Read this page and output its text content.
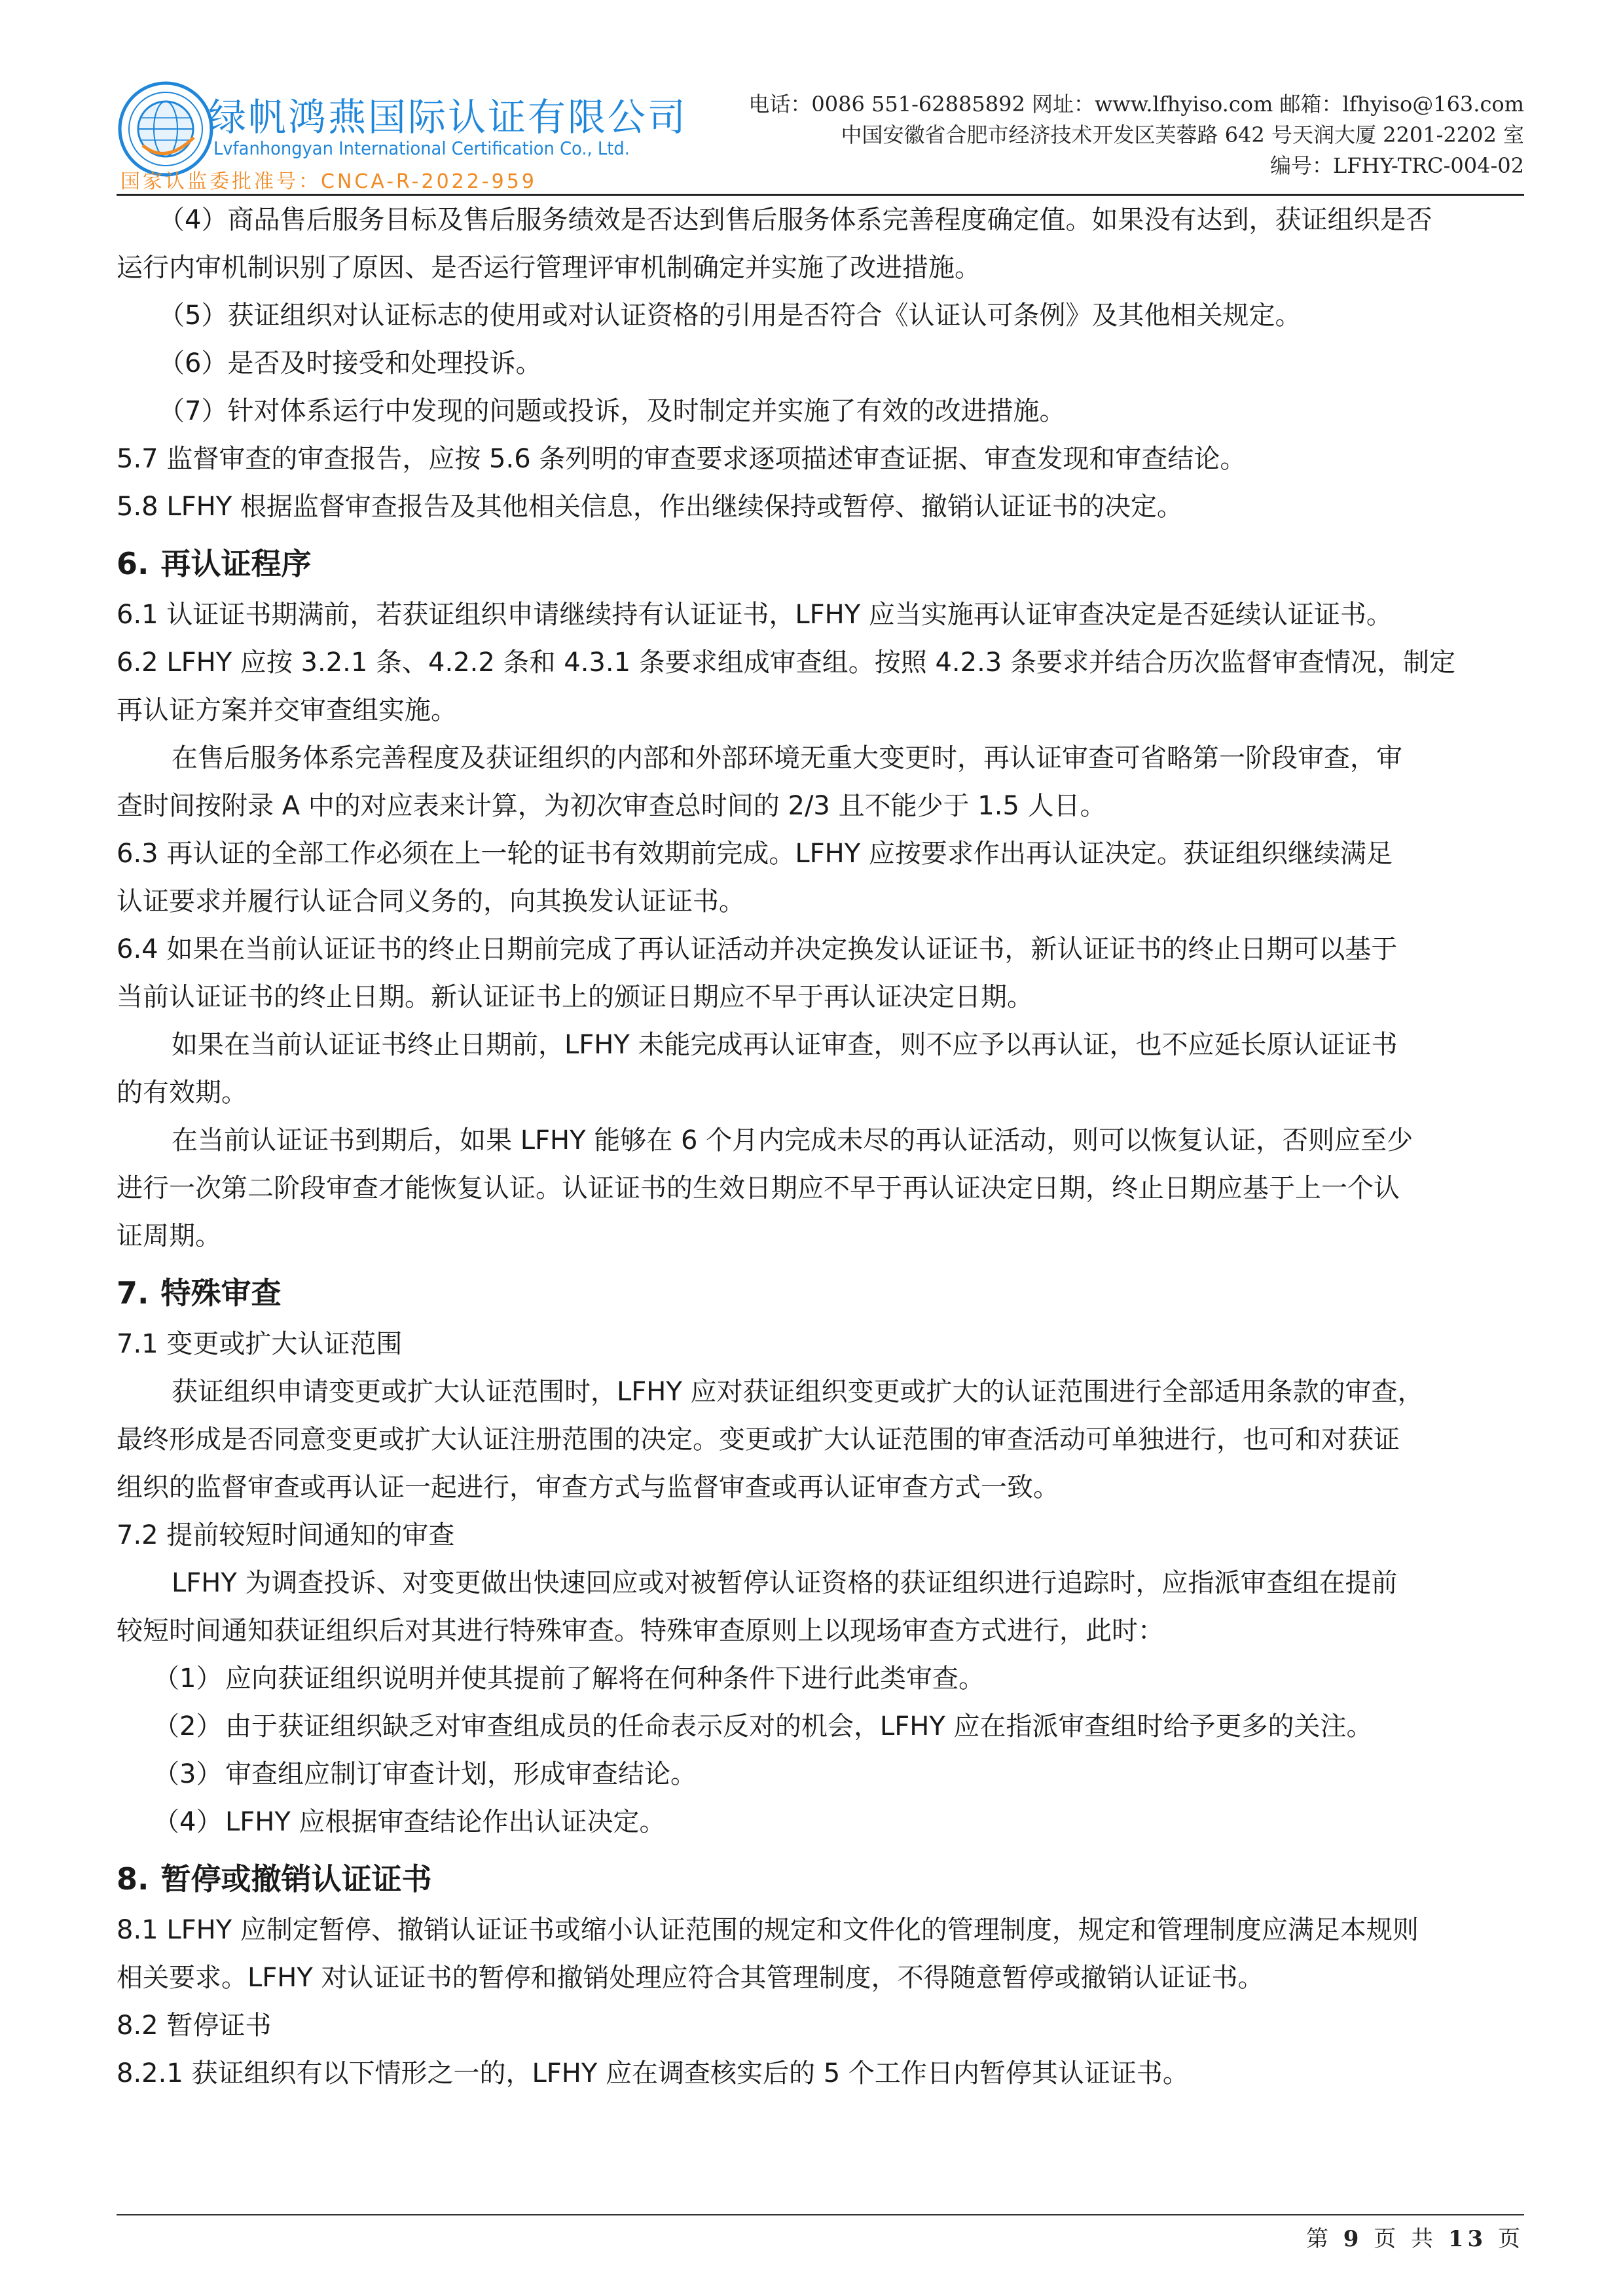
绿帆鸿燕国际认证有限公司
Lvfanhongyan International Certification Co., Ltd.
国家认监委批准号：CNCA-R-2022-959
电话：0086 551-62885892 网址：www.lfhyiso.com 邮箱：lfhyiso@163.com
中国安徽省合肥市经济技术开发区芙蓉路 642 号天润大厦 2201-2202 室
编号：LFHY-TRC-004-02

（4）商品售后服务目标及售后服务绩效是否达到售后服务体系完善程度确定值。如果没有达到，获证组织是否

运行内审机制识别了原因、是否运行管理评审机制确定并实施了改进措施。

（5）获证组织对认证标志的使用或对认证资格的引用是否符合《认证认可条例》及其他相关规定。

（6）是否及时接受和处理投诉。

（7）针对体系运行中发现的问题或投诉，及时制定并实施了有效的改进措施。

5.7 监督审查的审查报告，应按 5.6 条列明的审查要求逐项描述审查证据、审查发现和审查结论。

5.8 LFHY 根据监督审查报告及其他相关信息，作出继续保持或暂停、撤销认证证书的决定。

6. 再认证程序

6.1 认证证书期满前，若获证组织申请继续持有认证证书，LFHY 应当实施再认证审查决定是否延续认证证书。

6.2 LFHY 应按 3.2.1 条、4.2.2 条和 4.3.1 条要求组成审查组。按照 4.2.3 条要求并结合历次监督审查情况，制定

再认证方案并交审查组实施。

在售后服务体系完善程度及获证组织的内部和外部环境无重大变更时，再认证审查可省略第一阶段审查，审

查时间按附录 A 中的对应表来计算，为初次审查总时间的 2/3 且不能少于 1.5 人日。

6.3 再认证的全部工作必须在上一轮的证书有效期前完成。LFHY 应按要求作出再认证决定。获证组织继续满足

认证要求并履行认证合同义务的，向其换发认证证书。

6.4 如果在当前认证证书的终止日期前完成了再认证活动并决定换发认证证书，新认证证书的终止日期可以基于

当前认证证书的终止日期。新认证证书上的颁证日期应不早于再认证决定日期。

如果在当前认证证书终止日期前，LFHY 未能完成再认证审查，则不应予以再认证，也不应延长原认证证书

的有效期。

在当前认证证书到期后，如果 LFHY 能够在 6 个月内完成未尽的再认证活动，则可以恢复认证，否则应至少

进行一次第二阶段审查才能恢复认证。认证证书的生效日期应不早于再认证决定日期，终止日期应基于上一个认

证周期。

7. 特殊审查

7.1 变更或扩大认证范围

获证组织申请变更或扩大认证范围时，LFHY 应对获证组织变更或扩大的认证范围进行全部适用条款的审查，

最终形成是否同意变更或扩大认证注册范围的决定。变更或扩大认证范围的审查活动可单独进行，也可和对获证

组织的监督审查或再认证一起进行，审查方式与监督审查或再认证审查方式一致。

7.2 提前较短时间通知的审查

LFHY 为调查投诉、对变更做出快速回应或对被暂停认证资格的获证组织进行追踪时，应指派审查组在提前

较短时间通知获证组织后对其进行特殊审查。特殊审查原则上以现场审查方式进行，此时：

（1） 应向获证组织说明并使其提前了解将在何种条件下进行此类审查。

（2） 由于获证组织缺乏对审查组成员的任命表示反对的机会，LFHY 应在指派审查组时给予更多的关注。

（3） 审查组应制订审查计划，形成审查结论。

（4） LFHY 应根据审查结论作出认证决定。

8. 暂停或撤销认证证书

8.1 LFHY 应制定暂停、撤销认证证书或缩小认证范围的规定和文件化的管理制度，规定和管理制度应满足本规则

相关要求。LFHY 对认证证书的暂停和撤销处理应符合其管理制度，不得随意暂停或撤销认证证书。

8.2 暂停证书

8.2.1 获证组织有以下情形之一的，LFHY 应在调查核实后的 5 个工作日内暂停其认证证书。

第 9 页 共 13 页
